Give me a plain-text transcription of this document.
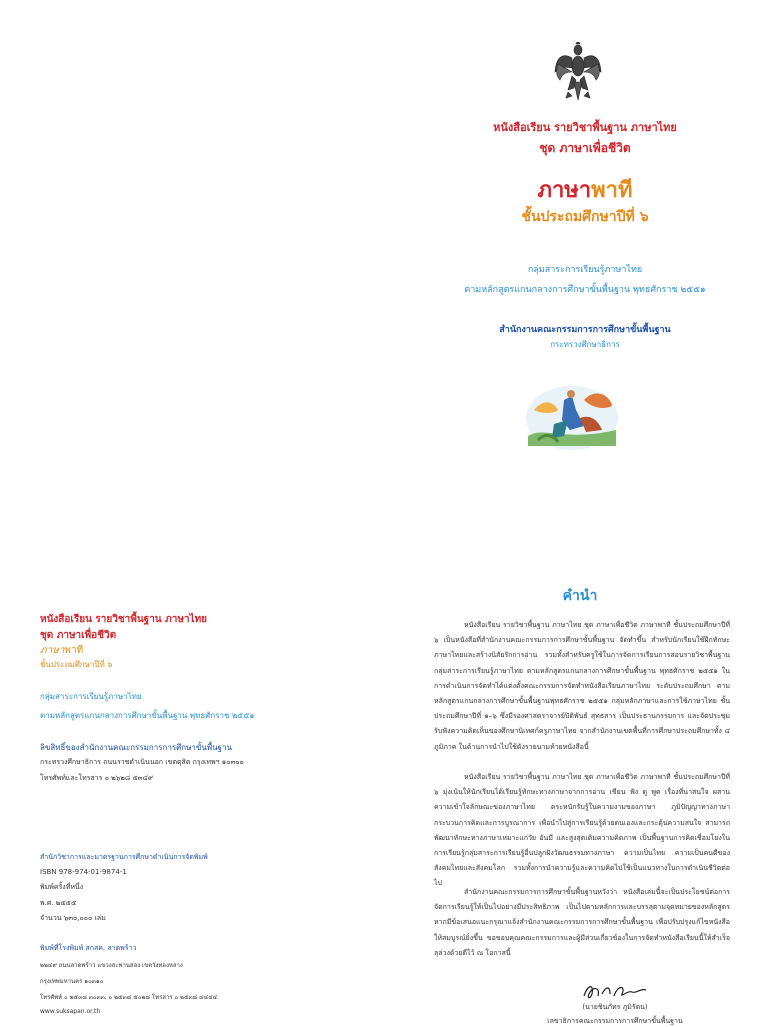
หนังสือเรียน รายวิชาพื้นฐาน ภาษาไทย
ชุด ภาษาเพื่อชีวิต
ภาษาพาที
ชั้นประถมศึกษาปีที่ ๖
กลุ่มสาระการเรียนรู้ภาษาไทย
ตามหลักสูตรแกนกลางการศึกษาขั้นพื้นฐาน พุทธศักราช ๒๕๕๑
สำนักงานคณะกรรมการการศึกษาขั้นพื้นฐาน
กระทรวงศึกษาธิการ
หนังสือเรียน รายวิชาพื้นฐาน ภาษาไทย
ชุด ภาษาเพื่อชีวิต
ภาษาพาที
ชั้นประถมศึกษาปีที่ ๖
กลุ่มสาระการเรียนรู้ภาษาไทย
ตามหลักสูตรแกนกลางการศึกษาขั้นพื้นฐาน พุทธศักราช ๒๕๕๑
ลิขสิทธิ์ของสำนักงานคณะกรรมการการศึกษาขั้นพื้นฐาน
กระทรวงศึกษาธิการ ถนนราชดำเนินนอก เขตดุสิต กรุงเทพฯ ๑๐๓๐๐
โทรศัพท์และโทรสาร ๐ ๒๖๒๘ ๕๓๔๙
สำนักวิชาการและมาตรฐานการศึกษาดำเนินการจัดพิมพ์
ISBN 978-974-01-9874-1
พิมพ์ครั้งที่หนึ่ง
พ.ศ. ๒๕๕๕
จำนวน ๖๓๐,๐๐๐ เล่ม
พิมพ์ที่โรงพิมพ์ สกสค. ลาดพร้าว
๒๒๔๙ ถนนลาดพร้าว แขวงสะพานสอง เขตวังทองหลาง
กรุงเทพมหานคร ๑๐๓๑๐
โทรศัพท์ ๐ ๒๕๓๘ ๓๐๓๓, ๐ ๒๕๓๘ ๕๐๒๘ โทรสาร ๐ ๒๕๓๘ ๔๔๔๔
www.suksapan.or.th
คำนำ

หนังสือเรียน รายวิชาพื้นฐาน ภาษาไทย ชุด ภาษาเพื่อชีวิต ภาษาพาที ชั้นประถมศึกษาปีที่ ๖ เป็นหนังสือที่สำนักงานคณะกรรมการการศึกษาขั้นพื้นฐาน จัดทำขึ้น สำหรับนักเรียนใช้ฝึกทักษะภาษาไทยและสร้างนิสัยรักการอ่าน รวมทั้งสำหรับครูใช้ในการจัดการเรียนการสอนรายวิชาพื้นฐาน กลุ่มสาระการเรียนรู้ภาษาไทย ตามหลักสูตรแกนกลางการศึกษาขั้นพื้นฐาน พุทธศักราช ๒๕๕๑ ในการดำเนินการจัดทำได้แต่งตั้งคณะกรรมการจัดทำหนังสือเรียนภาษาไทย ระดับประถมศึกษา ตามหลักสูตรแกนกลางการศึกษาขั้นพื้นฐานพุทธศักราช ๒๕๕๑ กลุ่มหลักภาษาและการใช้ภาษาไทย ชั้นประถมศึกษาปีที่ ๑–๖ ซึ่งมีรองศาสตราจารย์ปิติพันธ์ สุทธสาร เป็นประธานกรรมการ และจัดประชุมรับฟังความคิดเห็นของศึกษานิเทศก์ครูภาษาไทย จากสำนักงานเขตพื้นที่การศึกษาประถมศึกษาทั้ง ๔ ภูมิภาค ในด้านการนำไปใช้ดังรายนามท้ายหนังสือนี้

หนังสือเรียน รายวิชาพื้นฐาน ภาษาไทย ชุด ภาษาเพื่อชีวิต ภาษาพาที ชั้นประถมศึกษาปีที่ ๖ มุ่งเน้นให้นักเรียนได้เรียนรู้ทักษะทางภาษาจากการอ่าน เขียน ฟัง ดู พูด เรื่องที่น่าสนใจ ผสานความเข้าใจลักษณะของภาษาไทย ตระหนักรับรู้ในความงามของภาษา ภูมิปัญญาทางภาษา กระบวนการคิดและการบูรณาการ เพื่อนำไปสู่การเรียนรู้ด้วยตนเองและกระตุ้นความสนใจ สามารถพัฒนาทักษะทางภาษาเหมาะแก่วัย อันมี และสูงสุดเติมความคิดภาพ เป็นพื้นฐานการคิดเชื่อมโยงในการเรียนรู้กลุ่มสาระการเรียนรู้อื่นปลูกฝังวัฒนธรรมทางภาษา ความเป็นไทย ความเป็นคนดีของสังคมไทยและสังคมโลก รวมทั้งการนำความรู้และความคิดไปใช้เป็นแนวทางในการดำเนินชีวิตต่อไป

สำนักงานคณะกรรมการการศึกษาขั้นพื้นฐานหวังว่า หนังสือเล่มนี้จะเป็นประโยชน์ต่อการจัดการเรียนรู้ให้เป็นไปอย่างมีประสิทธิภาพ เป็นไปตามหลักการและบรรลุตามจุดหมายของหลักสูตร หากมีข้อเสนอแนะกรุณาแจ้งสำนักงานคณะกรรมการการศึกษาขั้นพื้นฐาน เพื่อปรับปรุงแก้ไขหนังสือให้สมบูรณ์ยิ่งขึ้น ขอขอบคุณคณะกรรมการและผู้มีส่วนเกี่ยวข้องในการจัดทำหนังสือเรียนนี้ให้สำเร็จลุล่วงด้วยดีไว้ ณ โอกาสนี้

(นายชินภัทร ภูมิรัตน)
เลขาธิการคณะกรรมการการศึกษาขั้นพื้นฐาน
